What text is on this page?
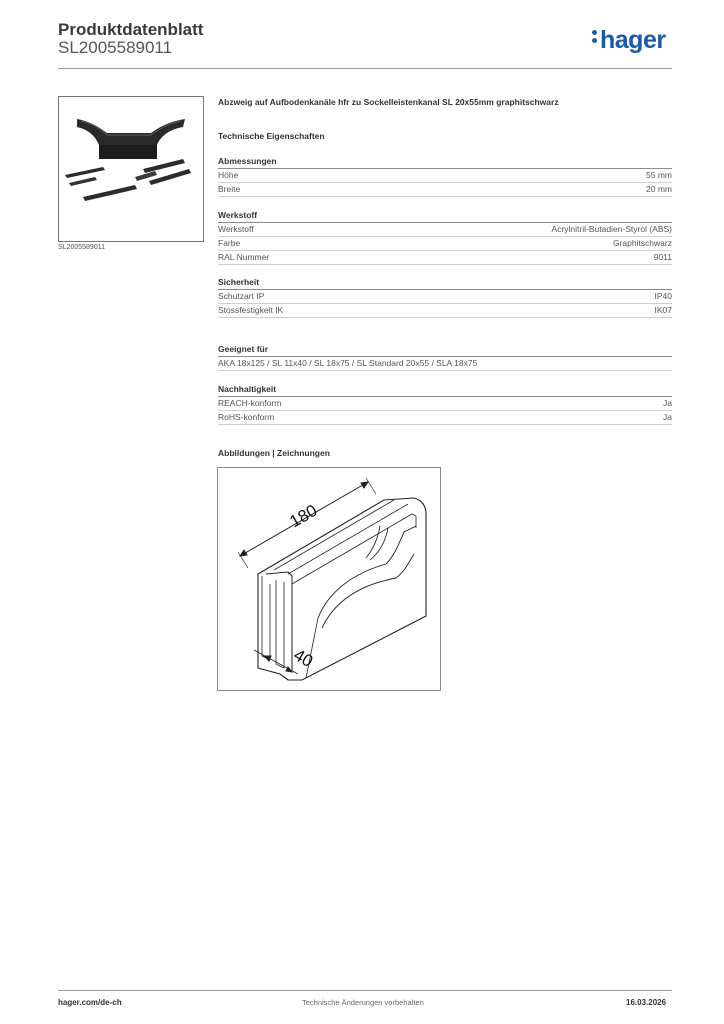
Produktdatenblatt
SL2005589011	hager
SL2005589011
Abzweig auf Aufbodenkanäle hfr zu Sockelleistenkanal SL 20x55mm graphitschwarz
Technische Eigenschaften
Abmessungen
Höhe	55 mm
Breite	20 mm
Werkstoff
Werkstoff	Acrylnitril-Butadien-Styrol (ABS)
Farbe	Graphitschwarz
RAL Nummer	9011
Sicherheit
Schutzart IP	IP40
Stossfestigkeit IK	IK07
Geeignet für
AKA 18x125 / SL 11x40 / SL 18x75 / SL Standard 20x55 / SLA 18x75
Nachhaltigkeit
REACH-konform	Ja
RoHS-konform	Ja
Abbildungen | Zeichnungen
180
40
hager.com/de-ch	Technische Änderungen vorbehalten	16.03.2026
